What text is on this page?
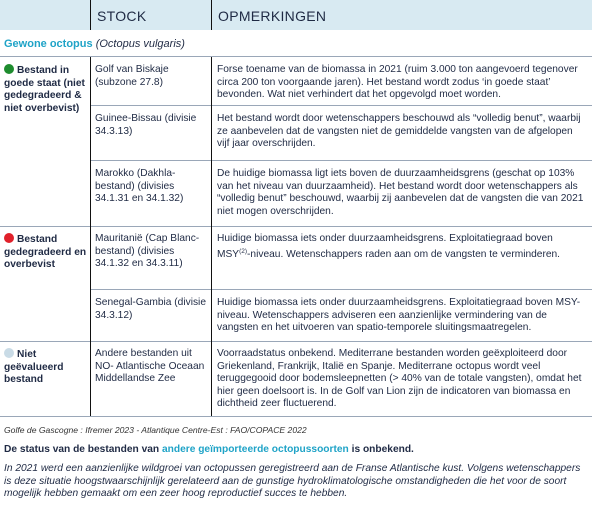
STOCK	OPMERKINGEN
Gewone octopus (Octopus vulgaris)
Bestand in goede staat (niet gedegradeerd & niet overbevist)
Bestand gedegradeerd en overbevist
Niet geëvalueerd bestand
Golf van Biskaje (subzone 27.8)
Forse toename van de biomassa in 2021 (ruim 3.000 ton aangevoerd tegenover circa 200 ton voorgaande jaren). Het bestand wordt zodus ‘in goede staat’ bevonden. Wat niet verhindert dat het opgevolgd moet worden.
Guinee-Bissau (divisie 34.3.13)
Het bestand wordt door wetenschappers beschouwd als “volledig benut”, waarbij ze aanbevelen dat de vangsten niet de gemiddelde vangsten van de afgelopen vijf jaar overschrijden.
Marokko (Dakhla-bestand) (divisies 34.1.31 en 34.1.32)
De huidige biomassa ligt iets boven de duurzaamheidsgrens (geschat op 103% van het niveau van duurzaamheid). Het bestand wordt door wetenschappers als “volledig benut” beschouwd, waarbij zij aanbevelen dat de vangsten die van 2021 niet mogen overschrijden.
Mauritanië (Cap Blanc-bestand) (divisies 34.1.32 en 34.3.11)
Huidige biomassa iets onder duurzaamheidsgrens. Exploitatiegraad boven MSY$^{(2)}$-niveau. Wetenschappers raden aan om de vangsten te verminderen.
Senegal-Gambia (divisie 34.3.12)
Huidige biomassa iets onder duurzaamheidsgrens. Exploitatiegraad boven MSY-niveau. Wetenschappers adviseren een aanzienlijke vermindering van de vangsten en het uitvoeren van spatio-temporele sluitingsmaatregelen.
Andere bestanden uit NO- Atlantische Oceaan Middellandse Zee
Voorraadstatus onbekend. Mediterrane bestanden worden geëxploiteerd door Griekenland, Frankrijk, Italië en Spanje. Mediterrane octopus wordt veel teruggegooid door bodemsleepnetten (> 40% van de totale vangsten), omdat het hier geen doelsoort is. In de Golf van Lion zijn de indicatoren van biomassa en dichtheid zeer fluctuerend.
Golfe de Gascogne : Ifremer 2023 - Atlantique Centre-Est : FAO/COPACE 2022
De status van de bestanden van andere geïmporteerde octopussoorten is onbekend.
In 2021 werd een aanzienlijke wildgroei van octopussen geregistreerd aan de Franse Atlantische kust. Volgens wetenschappers is deze situatie hoogstwaarschijnlijk gerelateerd aan de gunstige hydroklimatologische omstandigheden die het voor de soort mogelijk hebben gemaakt om een zeer hoog reproductief succes te hebben.
